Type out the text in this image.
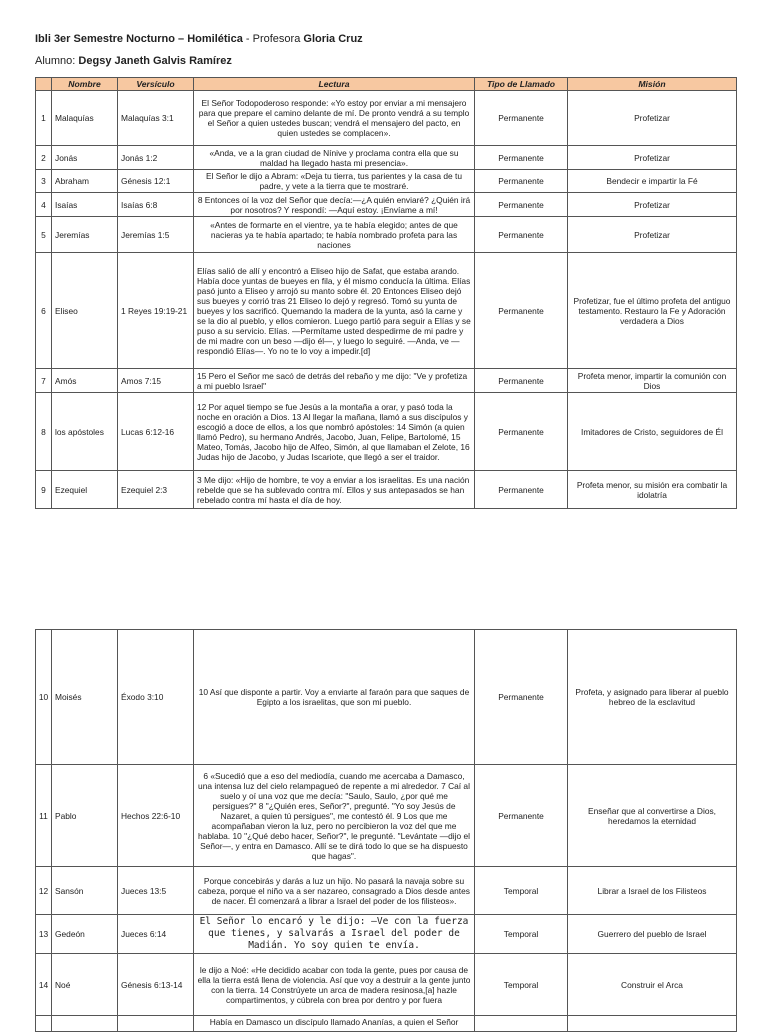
Ibli 3er Semestre Nocturno – Homilética - Profesora Gloria Cruz
Alumno: Degsy Janeth Galvis Ramírez
	Nombre	Versículo	Lectura	Tipo de Llamado	Misión
1	Malaquías	Malaquías 3:1	El Señor Todopoderoso responde: «Yo estoy por enviar a mi mensajero para que prepare el camino delante de mí. De pronto vendrá a su templo el Señor a quien ustedes buscan; vendrá el mensajero del pacto, en quien ustedes se complacen».	Permanente	Profetizar
2	Jonás	Jonás 1:2	«Anda, ve a la gran ciudad de Nínive y proclama contra ella que su maldad ha llegado hasta mi presencia».	Permanente	Profetizar
3	Abraham	Génesis 12:1	El Señor le dijo a Abram: «Deja tu tierra, tus parientes y la casa de tu padre, y vete a la tierra que te mostraré.	Permanente	Bendecir e impartir la Fé
4	Isaías	Isaías 6:8	8 Entonces oí la voz del Señor que decía:—¿A quién enviaré? ¿Quién irá por nosotros? Y respondí: —Aquí estoy. ¡Envíame a mí!	Permanente	Profetizar
5	Jeremías	Jeremías 1:5	«Antes de formarte en el vientre, ya te había elegido; antes de que nacieras ya te había apartado; te había nombrado profeta para las naciones	Permanente	Profetizar
6	Eliseo	1 Reyes 19:19-21	Elías salió de allí y encontró a Eliseo hijo de Safat, que estaba arando. Había doce yuntas de bueyes en fila, y él mismo conducía la última. Elías pasó junto a Eliseo y arrojó su manto sobre él. 20 Entonces Eliseo dejó sus bueyes y corrió tras 21 Eliseo lo dejó y regresó. Tomó su yunta de bueyes y los sacrificó. Quemando la madera de la yunta, asó la carne y se la dio al pueblo, y ellos comieron. Luego partió para seguir a Elías y se puso a su servicio. Elías. —Permítame usted despedirme de mi padre y de mi madre con un beso —dijo él—, y luego lo seguiré. —Anda, ve —respondió Elías—. Yo no te lo voy a impedir.[d]	Permanente	Profetizar, fue el último profeta del antiguo testamento. Restauro la Fe y Adoración verdadera a Dios
7	Amós	Amos 7:15	15 Pero el Señor me sacó de detrás del rebaño y me dijo: "Ve y profetiza a mi pueblo Israel"	Permanente	Profeta menor, impartir la comunión con Dios
8	los apóstoles	Lucas 6:12-16	12 Por aquel tiempo se fue Jesús a la montaña a orar, y pasó toda la noche en oración a Dios. 13 Al llegar la mañana, llamó a sus discípulos y escogió a doce de ellos, a los que nombró apóstoles: 14 Simón (a quien llamó Pedro), su hermano Andrés, Jacobo, Juan, Felipe, Bartolomé, 15 Mateo, Tomás, Jacobo hijo de Alfeo, Simón, al que llamaban el Zelote, 16 Judas hijo de Jacobo, y Judas Iscariote, que llegó a ser el traidor.	Permanente	Imitadores de Cristo, seguidores de Él
9	Ezequiel	Ezequiel 2:3	3 Me dijo: «Hijo de hombre, te voy a enviar a los israelitas. Es una nación rebelde que se ha sublevado contra mí. Ellos y sus antepasados se han rebelado contra mí hasta el día de hoy.	Permanente	Profeta menor, su misión era combatir la idolatría
10	Moisés	Éxodo 3:10	10 Así que disponte a partir. Voy a enviarte al faraón para que saques de Egipto a los israelitas, que son mi pueblo.	Permanente	Profeta, y asignado para liberar al pueblo hebreo de la esclavitud
11	Pablo	Hechos 22:6-10	6 «Sucedió que a eso del mediodía, cuando me acercaba a Damasco, una intensa luz del cielo relampagueó de repente a mi alrededor. 7 Caí al suelo y oí una voz que me decía: "Saulo, Saulo, ¿por qué me persigues?" 8 "¿Quién eres, Señor?", pregunté. "Yo soy Jesús de Nazaret, a quien tú persigues", me contestó él. 9 Los que me acompañaban vieron la luz, pero no percibieron la voz del que me hablaba. 10 "¿Qué debo hacer, Señor?", le pregunté. "Levántate —dijo el Señor—, y entra en Damasco. Allí se te dirá todo lo que se ha dispuesto que hagas".	Permanente	Enseñar que al convertirse a Dios, heredamos la eternidad
12	Sansón	Jueces 13:5	Porque concebirás y darás a luz un hijo. No pasará la navaja sobre su cabeza, porque el niño va a ser nazareo, consagrado a Dios desde antes de nacer. Él comenzará a librar a Israel del poder de los filisteos».	Temporal	Librar a Israel de los Filisteos
13	Gedeón	Jueces 6:14	El Señor lo encaró y le dijo: —Ve con la fuerza que tienes, y salvarás a Israel del poder de Madián. Yo soy quien te envía.	Temporal	Guerrero del pueblo de Israel
14	Noé	Génesis 6:13-14	le dijo a Noé: «He decidido acabar con toda la gente, pues por causa de ella la tierra está llena de violencia. Así que voy a destruir a la gente junto con la tierra. 14 Constrúyete un arca de madera resinosa,[a] hazle compartimentos, y cúbrela con brea por dentro y por fuera	Temporal	Construir el Arca
			Había en Damasco un discípulo llamado Ananías, a quien el Señor		
